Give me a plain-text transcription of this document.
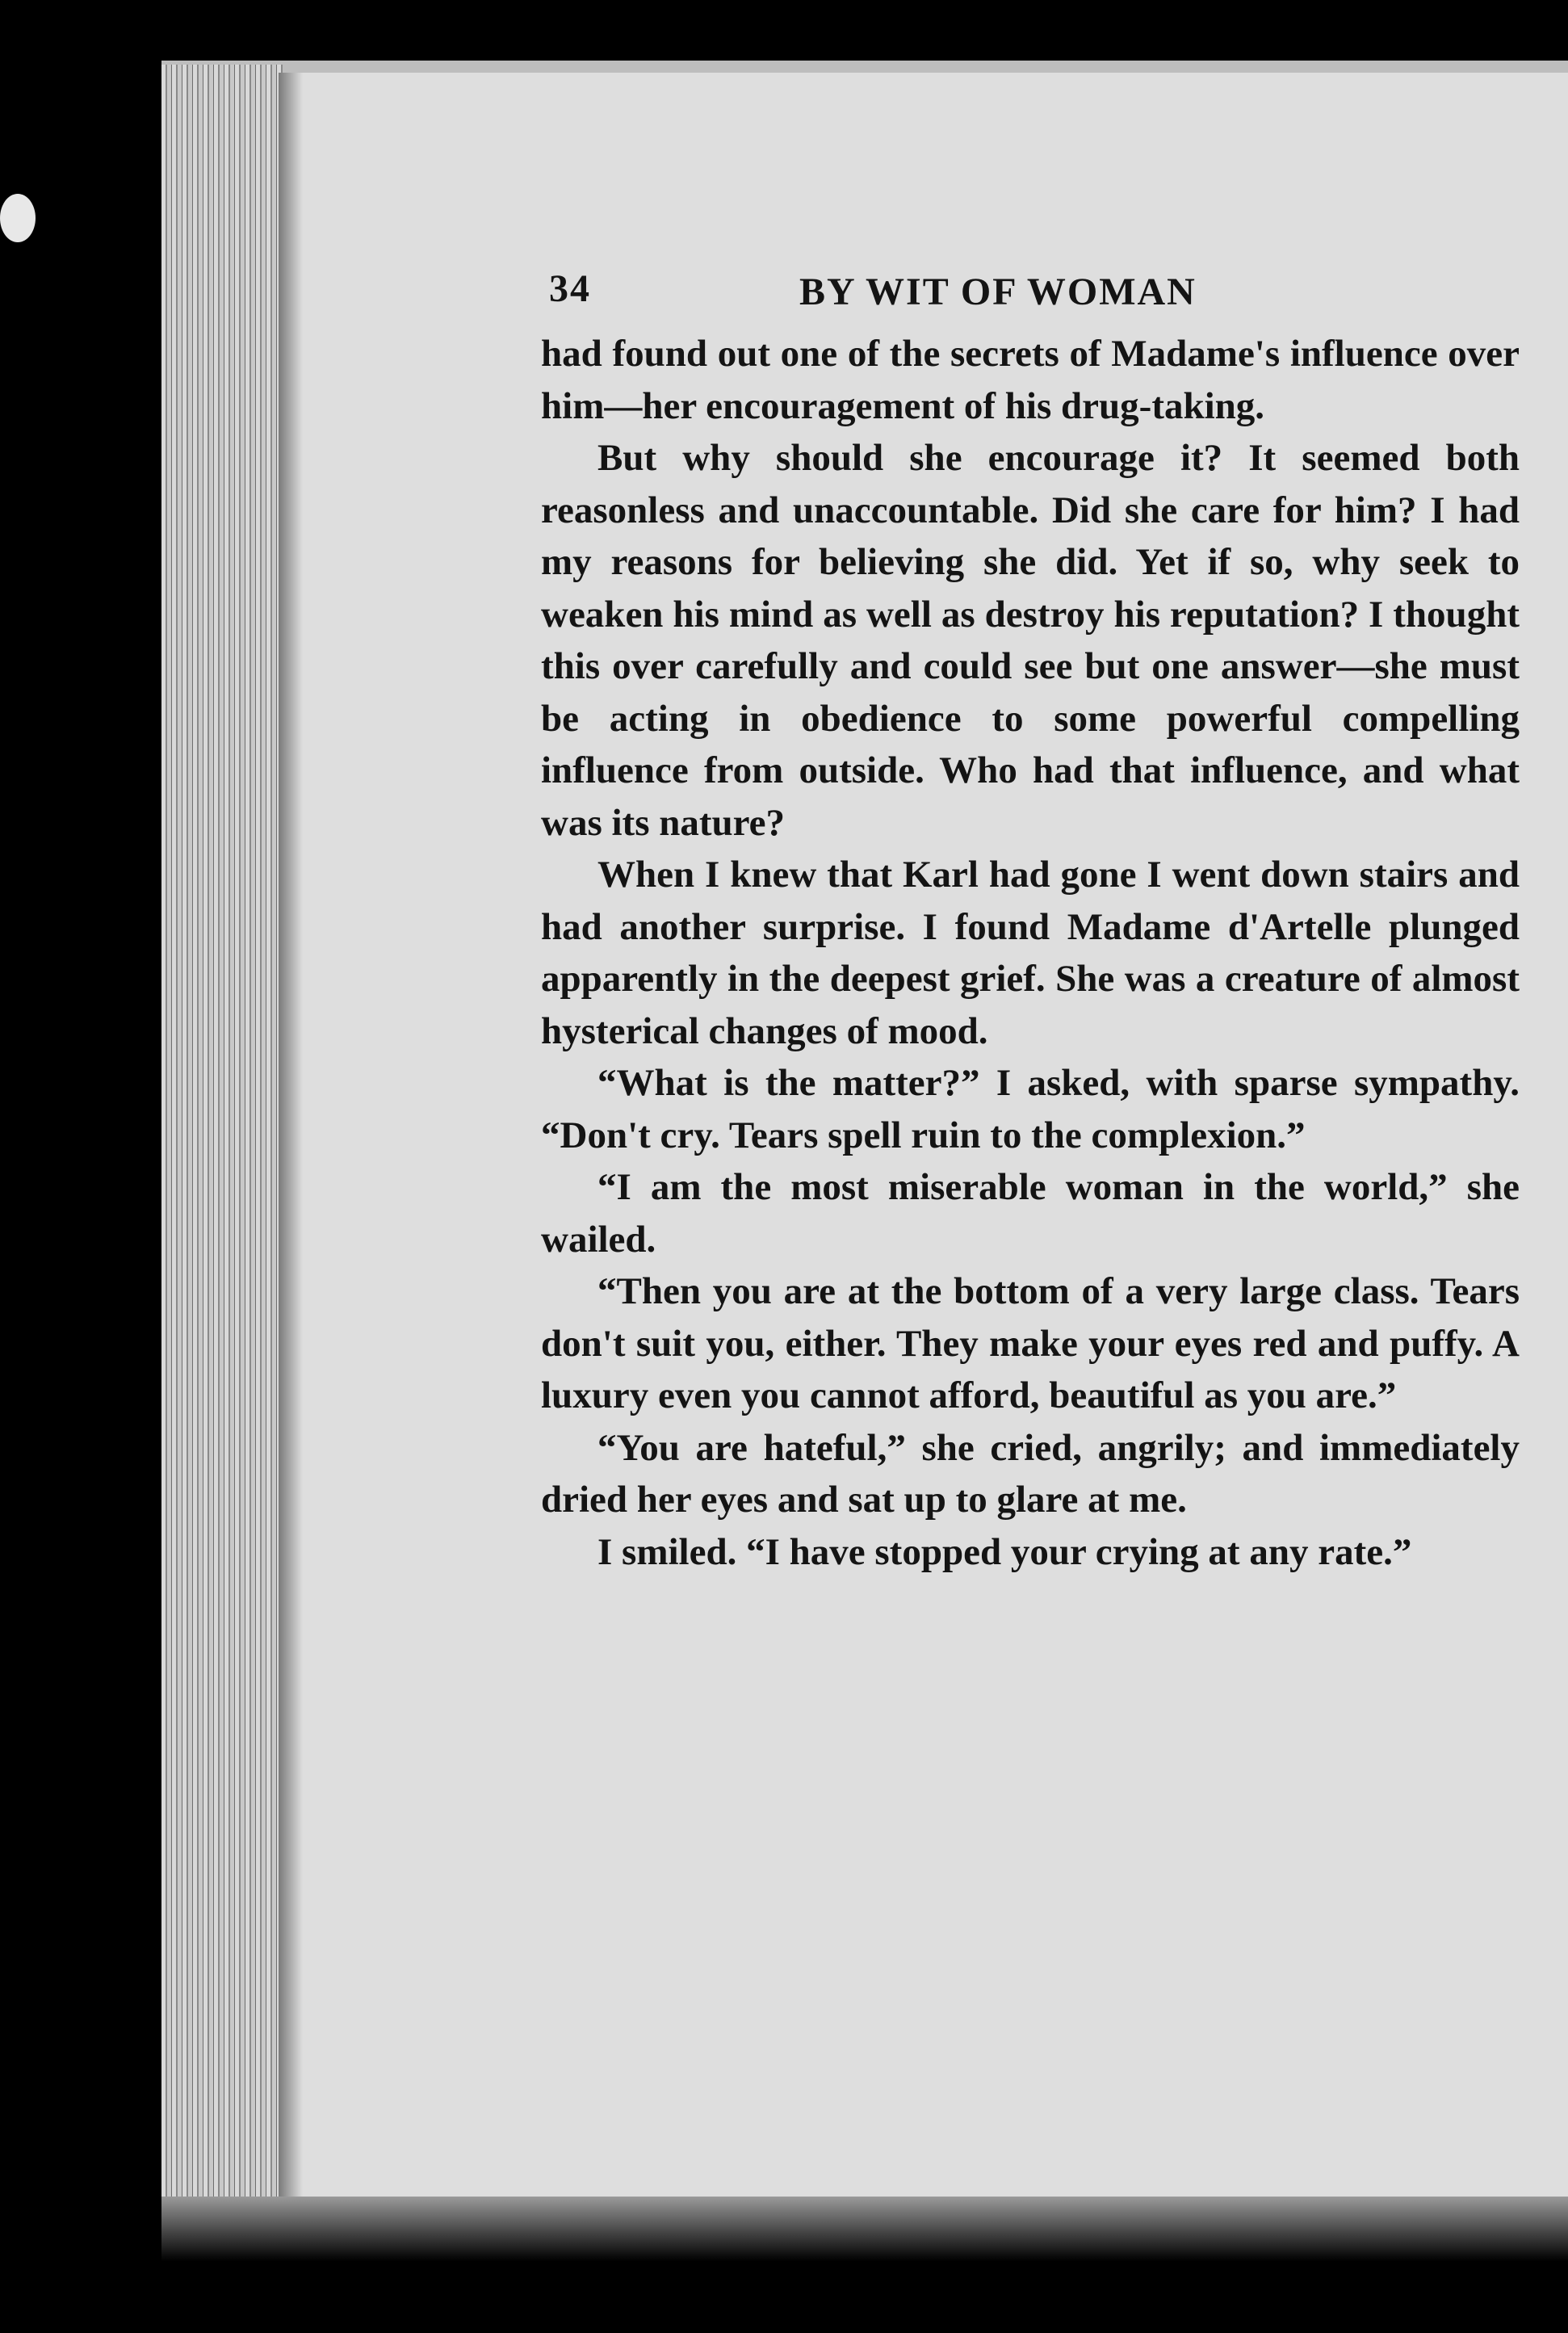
34	BY WIT OF WOMAN

had found out one of the secrets of Madame's influence over him—her encouragement of his drug-taking.

But why should she encourage it? It seemed both reasonless and unaccountable. Did she care for him? I had my reasons for believing she did. Yet if so, why seek to weaken his mind as well as destroy his reputation? I thought this over carefully and could see but one answer—she must be acting in obedience to some powerful compelling influence from outside. Who had that influence, and what was its nature?

When I knew that Karl had gone I went down stairs and had another surprise. I found Madame d'Artelle plunged apparently in the deepest grief. She was a creature of almost hysterical changes of mood.

“What is the matter?” I asked, with sparse sympathy. “Don't cry. Tears spell ruin to the complexion.”

“I am the most miserable woman in the world,” she wailed.

“Then you are at the bottom of a very large class. Tears don't suit you, either. They make your eyes red and puffy. A luxury even you cannot afford, beautiful as you are.”

“You are hateful,” she cried, angrily; and immediately dried her eyes and sat up to glare at me.

I smiled. “I have stopped your crying at any rate.”
